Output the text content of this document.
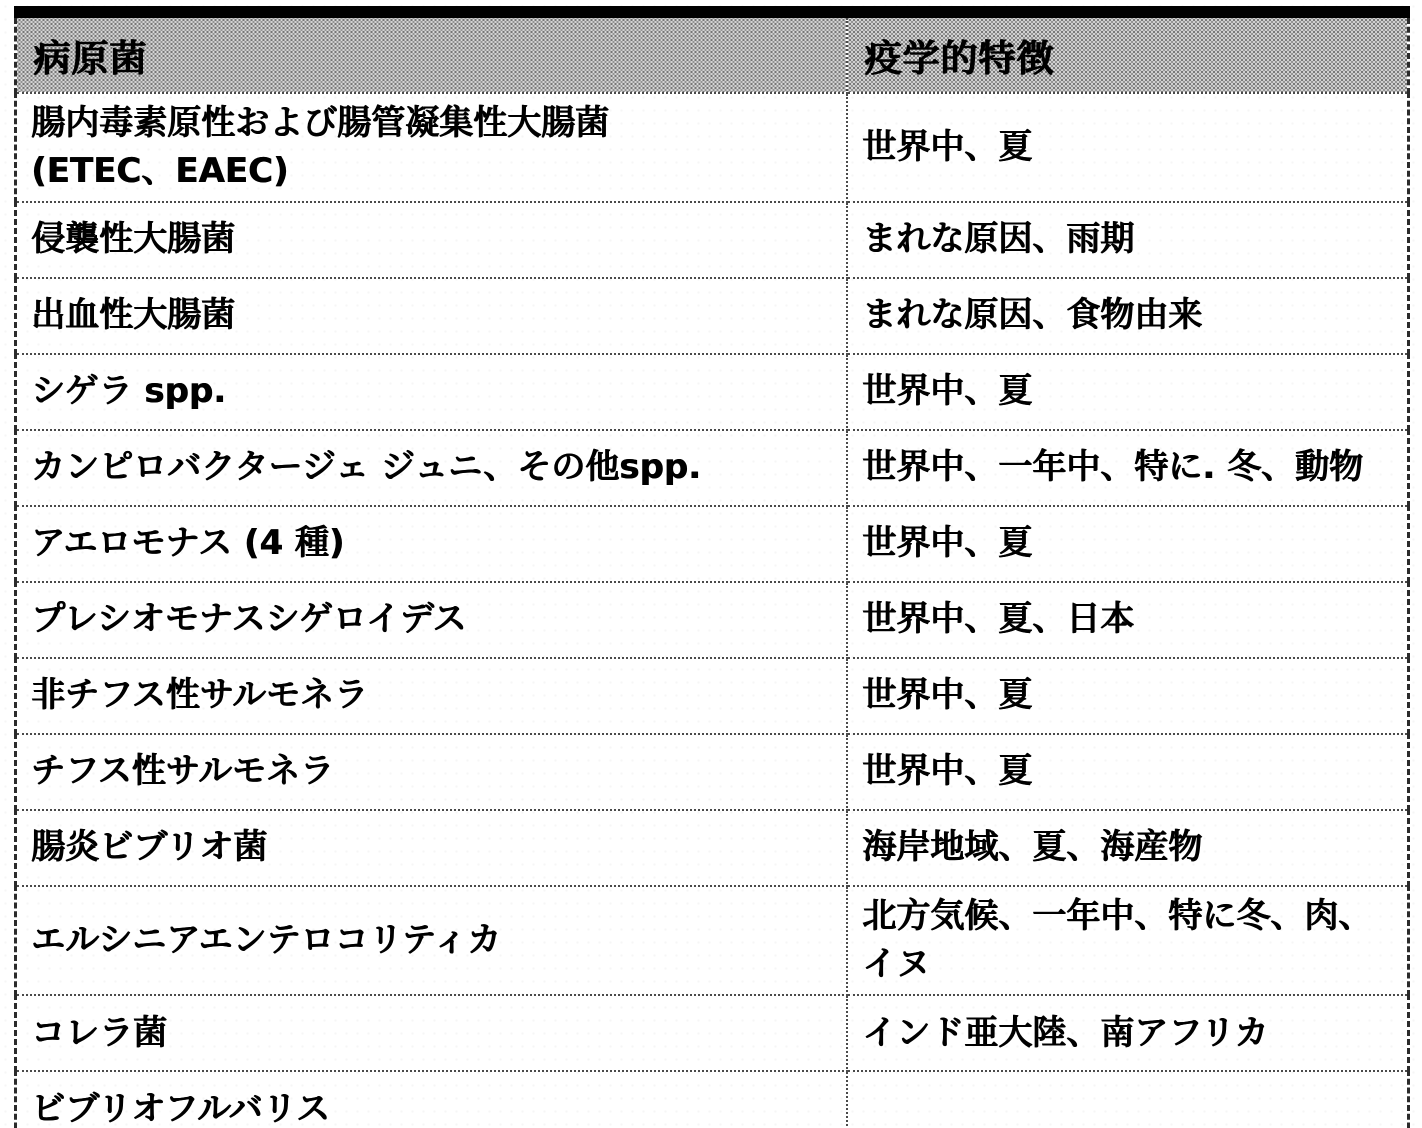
病原菌	疫学的特徴
腸内毒素原性および腸管凝集性大腸菌
(ETEC、EAEC)	世界中、夏
侵襲性大腸菌	まれな原因、雨期
出血性大腸菌	まれな原因、食物由来
シゲラ spp.	世界中、夏
カンピロバクタージェ ジュニ、その他spp.	世界中、一年中、特に. 冬、動物
アエロモナス (4 種)	世界中、夏
プレシオモナスシゲロイデス	世界中、夏、日本
非チフス性サルモネラ	世界中、夏
チフス性サルモネラ	世界中、夏
腸炎ビブリオ菌	海岸地域、夏、海産物
エルシニアエンテロコリティカ	北方気候、一年中、特に冬、肉、イヌ
コレラ菌	インド亜大陸、南アフリカ
ビブリオフルバリス	
